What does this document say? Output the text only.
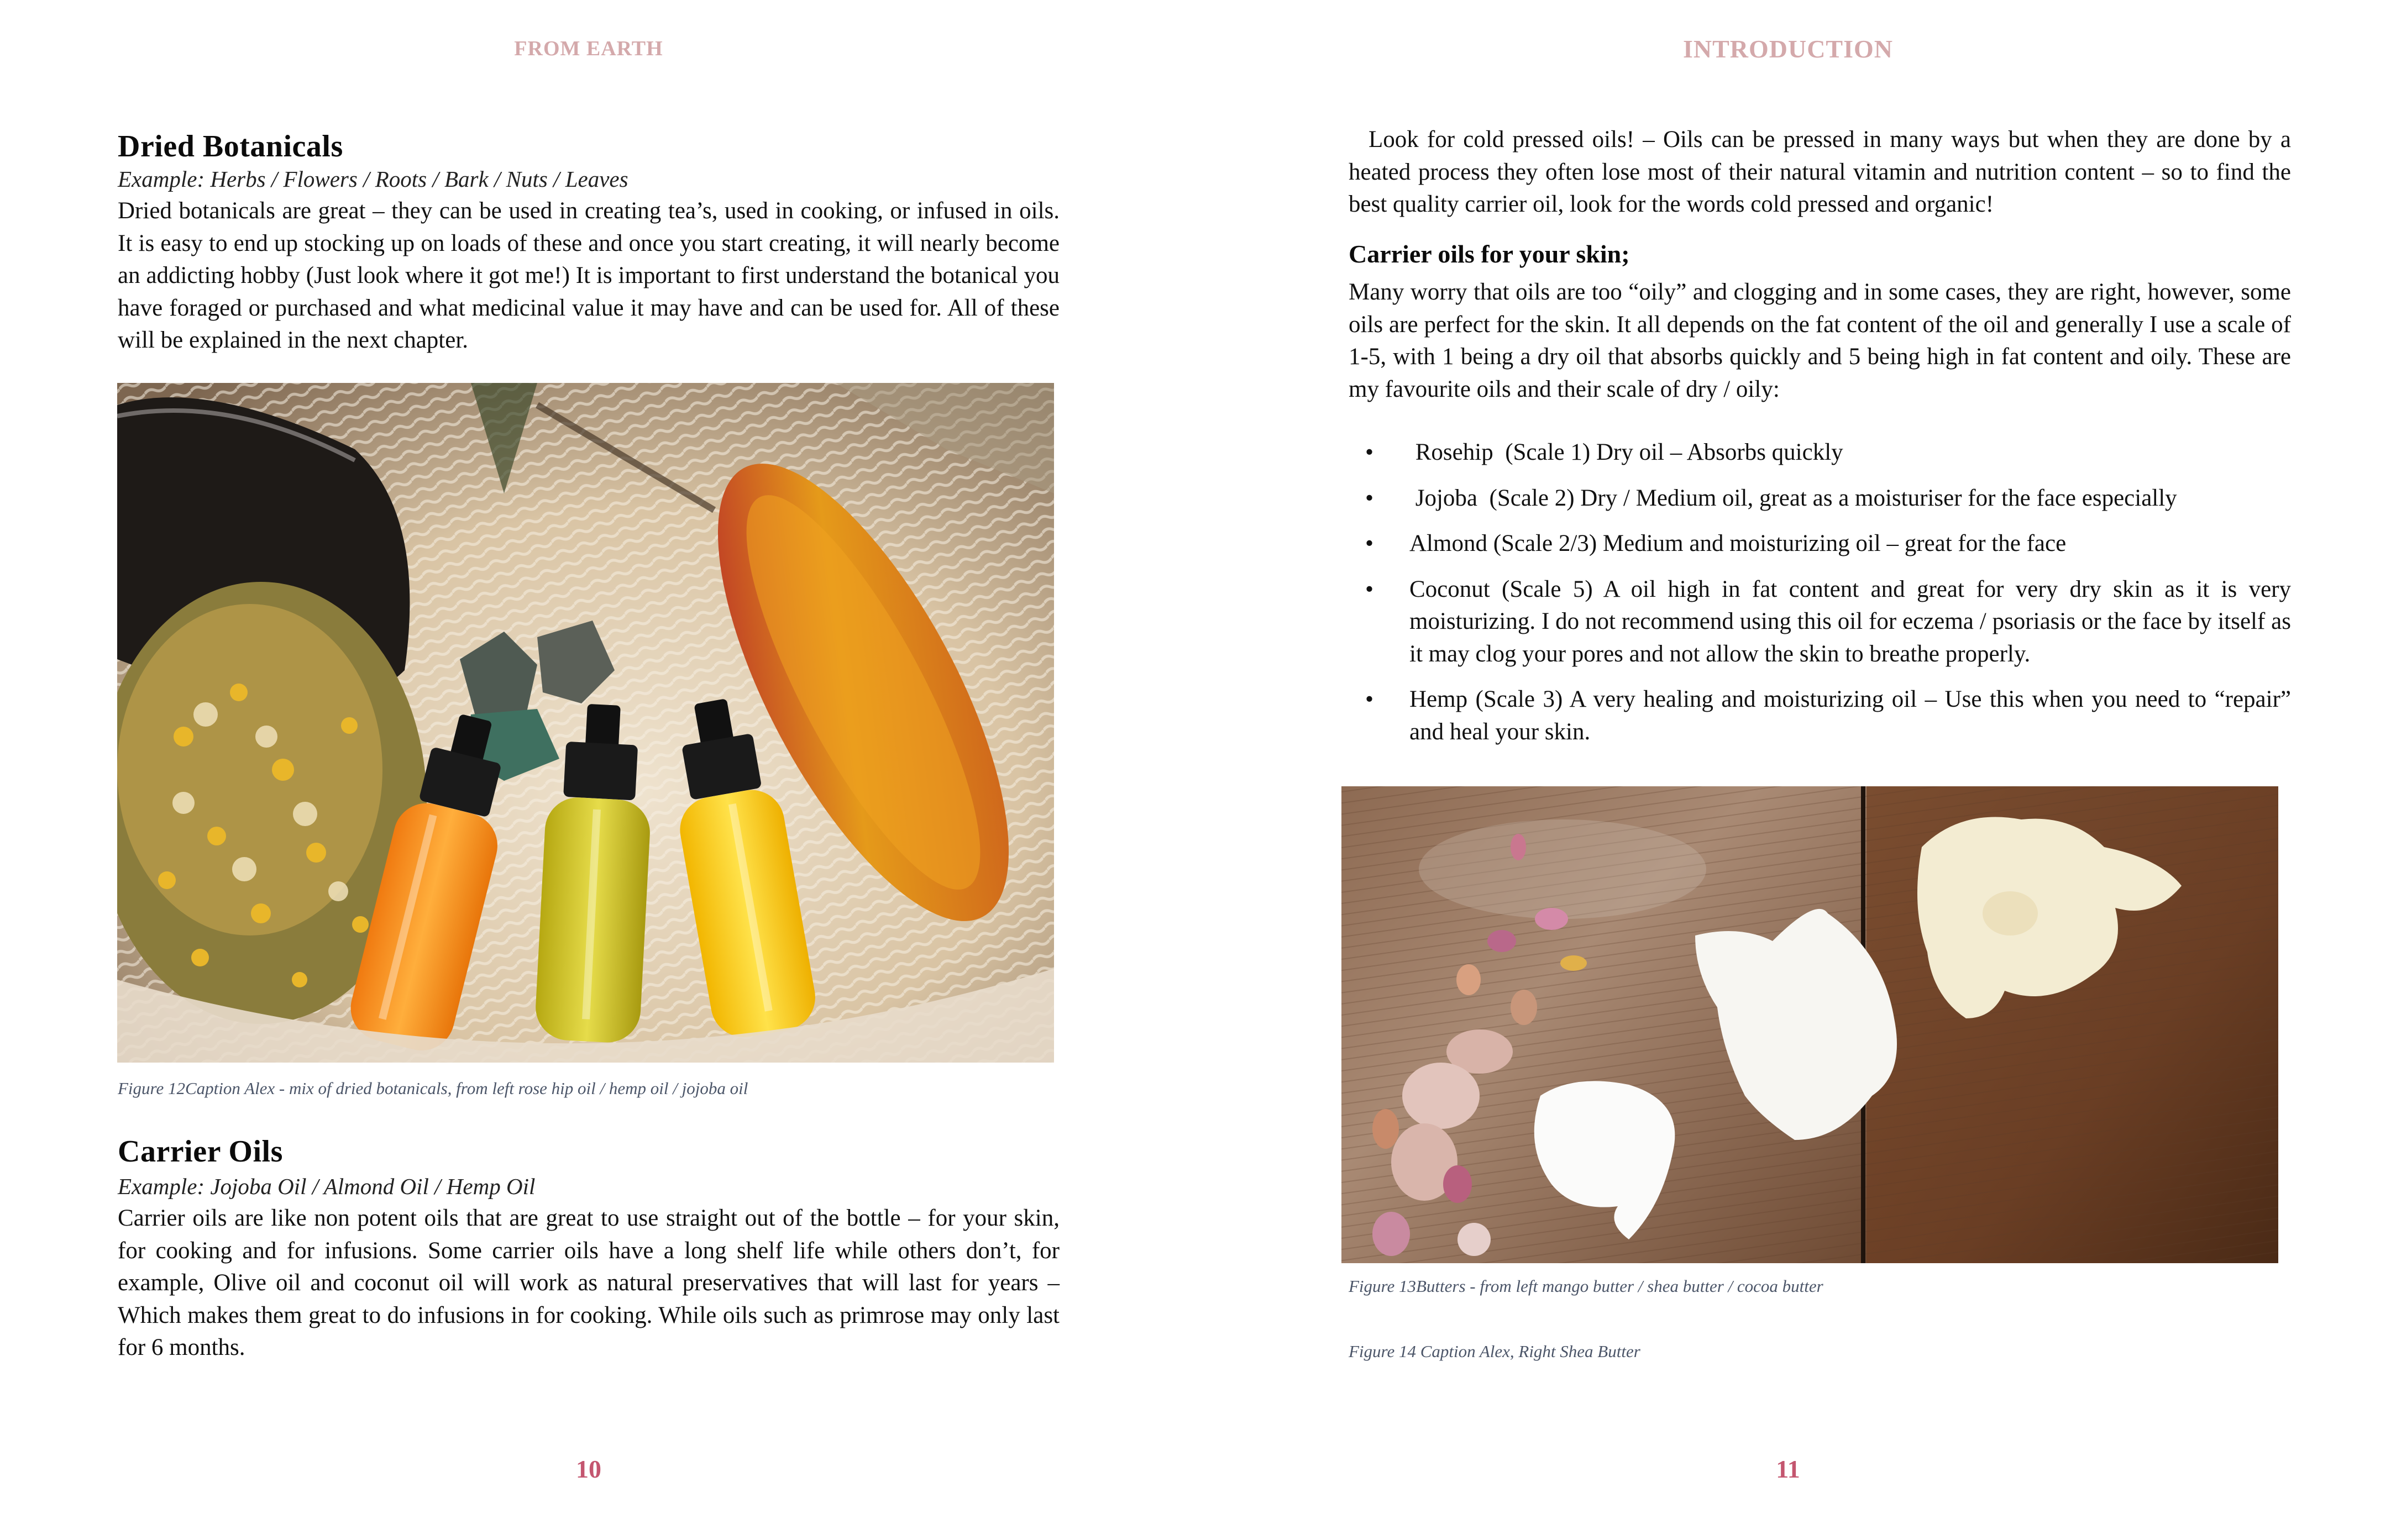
FROM EARTH
Dried Botanicals
Example: Herbs / Flowers / Roots / Bark / Nuts / Leaves

Dried botanicals are great – they can be used in creating tea’s, used in cooking, or infused in oils. It is easy to end up stocking up on loads of these and once you start creating, it will nearly become an addicting hobby (Just look where it got me!) It is important to first understand the botanical you have foraged or purchased and what medicinal value it may have and can be used for. All of these will be explained in the next chapter.

Figure 12Caption Alex - mix of dried botanicals, from left rose hip oil / hemp oil / jojoba oil
Carrier Oils
Example: Jojoba Oil / Almond Oil / Hemp Oil

Carrier oils are like non potent oils that are great to use straight out of the bottle – for your skin, for cooking and for infusions. Some carrier oils have a long shelf life while others don’t, for example, Olive oil and coconut oil will work as natural preservatives that will last for years – Which makes them great to do infusions in for cooking. While oils such as primrose may only last for 6 months.

10
INTRODUCTION

Look for cold pressed oils! – Oils can be pressed in many ways but when they are done by a heated process they often lose most of their natural vitamin and nutrition content – so to find the best quality carrier oil, look for the words cold pressed and organic!

Carrier oils for your skin;

Many worry that oils are too “oily” and clogging and in some cases, they are right, however, some oils are perfect for the skin. It all depends on the fat content of the oil and generally I use a scale of 1-5, with 1 being a dry oil that absorbs quickly and 5 being high in fat content and oily. These are my favourite oils and their scale of dry / oily:

• Rosehip  (Scale 1) Dry oil – Absorbs quickly
• Jojoba  (Scale 2) Dry / Medium oil, great as a moisturiser for the face especially
• Almond (Scale 2/3) Medium and moisturizing oil – great for the face
• Coconut (Scale 5) A oil high in fat content and great for very dry skin as it is very moisturizing. I do not recommend using this oil for eczema / psoriasis or the face by itself as it may clog your pores and not allow the skin to breathe properly.
• Hemp (Scale 3) A very healing and moisturizing oil – Use this when you need to “repair” and heal your skin.
Figure 13Butters - from left mango butter / shea butter / cocoa butter
Figure 14 Caption Alex, Right Shea Butter
11
